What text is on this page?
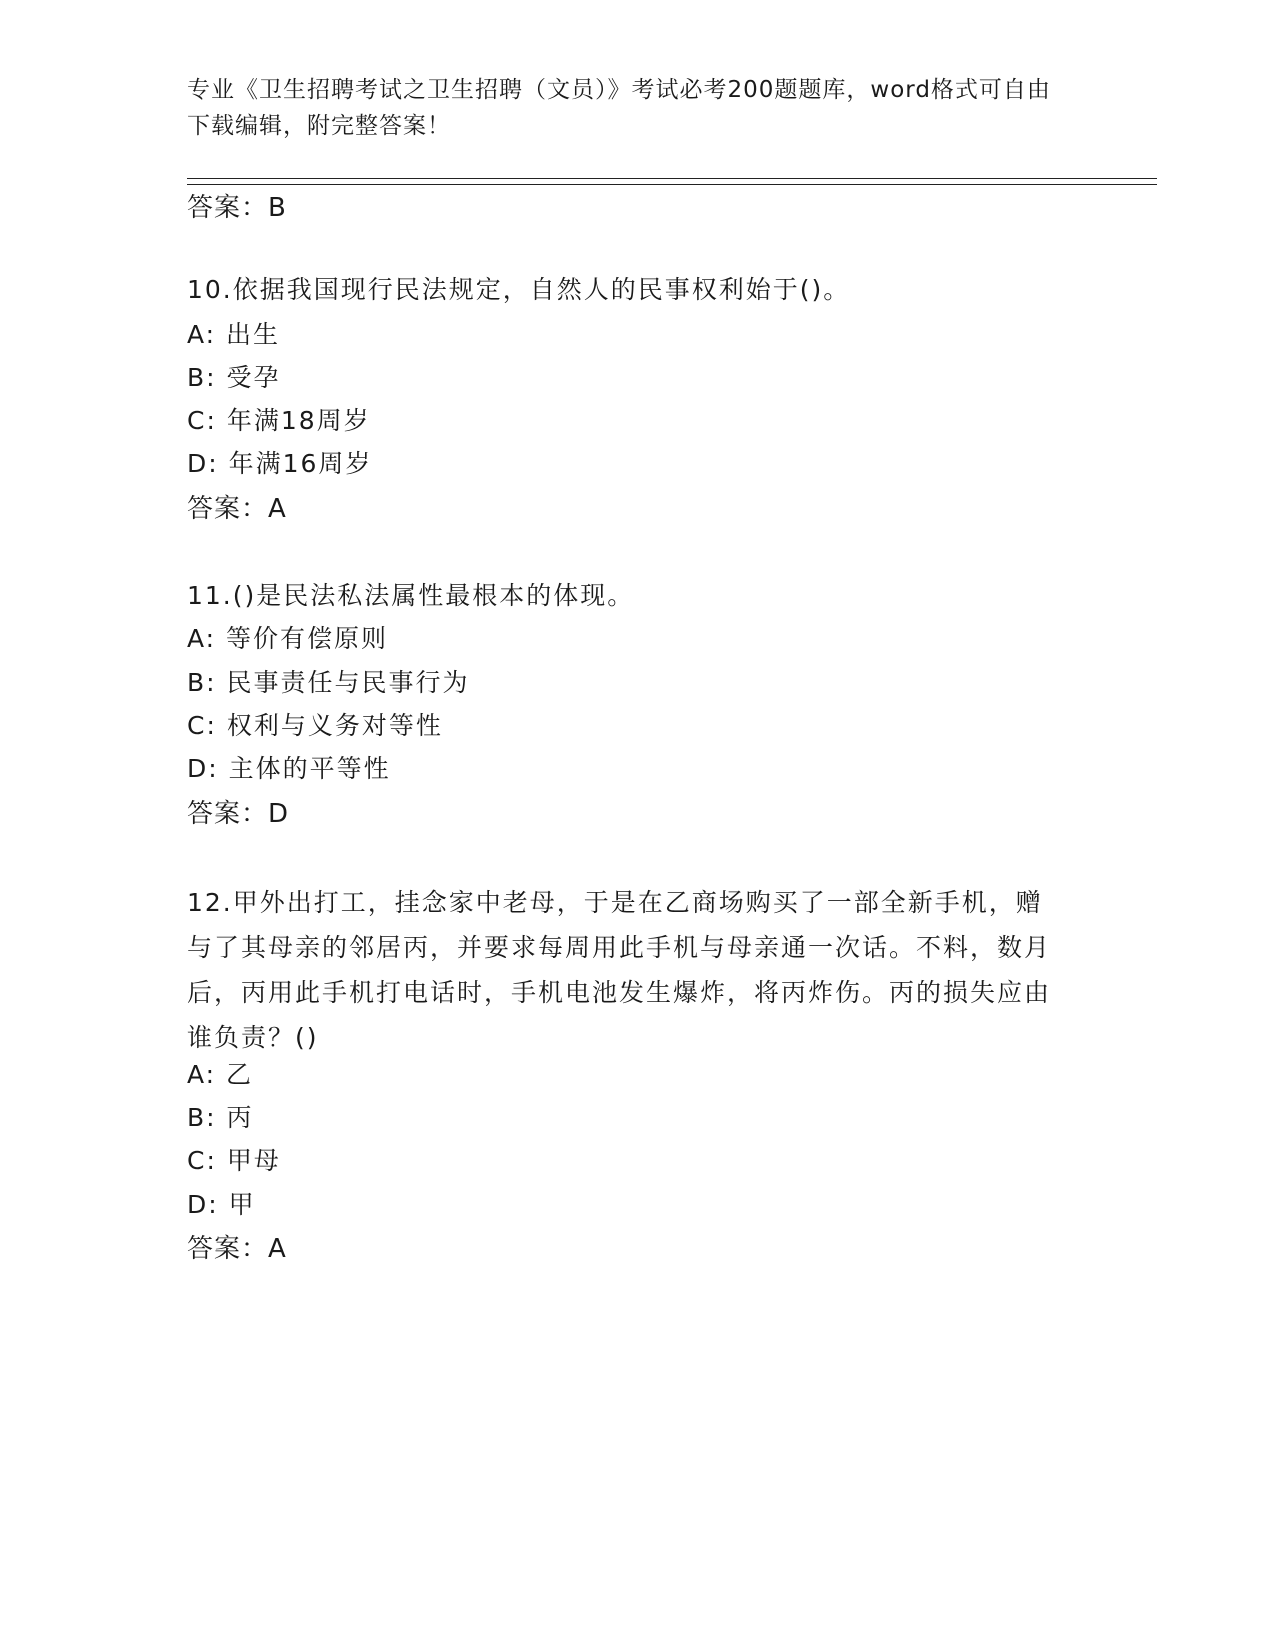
专业《卫生招聘考试之卫生招聘（文员）》考试必考200题题库，word格式可自由下载编辑，附完整答案！
答案：B
10.依据我国现行民法规定，自然人的民事权利始于()。
A: 出生
B: 受孕
C: 年满18周岁
D: 年满16周岁
答案：A
11.()是民法私法属性最根本的体现。
A: 等价有偿原则
B: 民事责任与民事行为
C: 权利与义务对等性
D: 主体的平等性
答案：D
12.甲外出打工，挂念家中老母，于是在乙商场购买了一部全新手机，赠与了其母亲的邻居丙，并要求每周用此手机与母亲通一次话。不料，数月后，丙用此手机打电话时，手机电池发生爆炸，将丙炸伤。丙的损失应由谁负责？()
A: 乙
B: 丙
C: 甲母
D: 甲
答案：A
